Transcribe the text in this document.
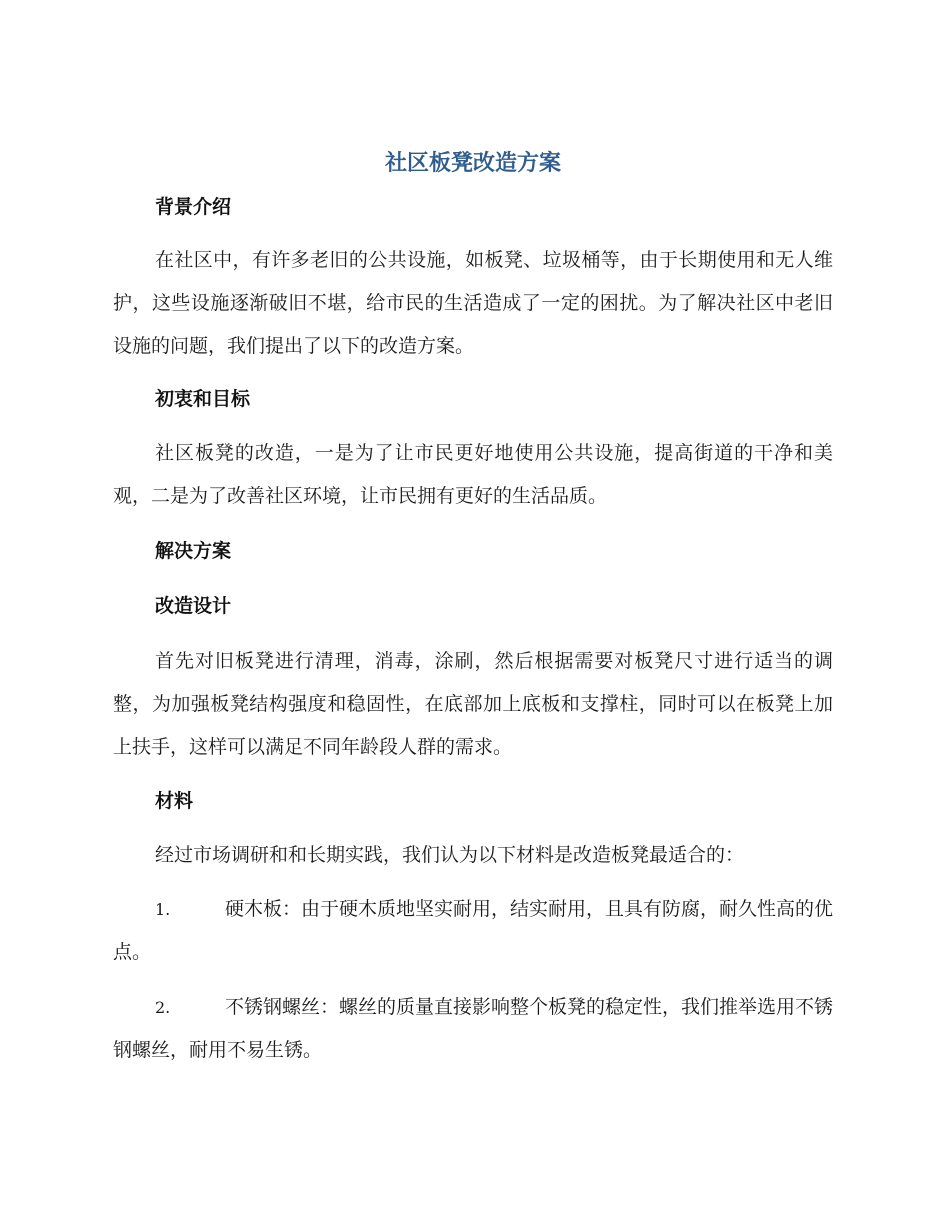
社区板凳改造方案
背景介绍
在社区中，有许多老旧的公共设施，如板凳、垃圾桶等，由于长期使用和无人维护，这些设施逐渐破旧不堪，给市民的生活造成了一定的困扰。为了解决社区中老旧设施的问题，我们提出了以下的改造方案。
初衷和目标
社区板凳的改造，一是为了让市民更好地使用公共设施，提高街道的干净和美观，二是为了改善社区环境，让市民拥有更好的生活品质。
解决方案
改造设计
首先对旧板凳进行清理，消毒，涂刷，然后根据需要对板凳尺寸进行适当的调整，为加强板凳结构强度和稳固性，在底部加上底板和支撑柱，同时可以在板凳上加上扶手，这样可以满足不同年龄段人群的需求。
材料
经过市场调研和和长期实践，我们认为以下材料是改造板凳最适合的：
1.	硬木板：由于硬木质地坚实耐用，结实耐用，且具有防腐，耐久性高的优点。
2.	不锈钢螺丝：螺丝的质量直接影响整个板凳的稳定性，我们推举选用不锈钢螺丝，耐用不易生锈。
